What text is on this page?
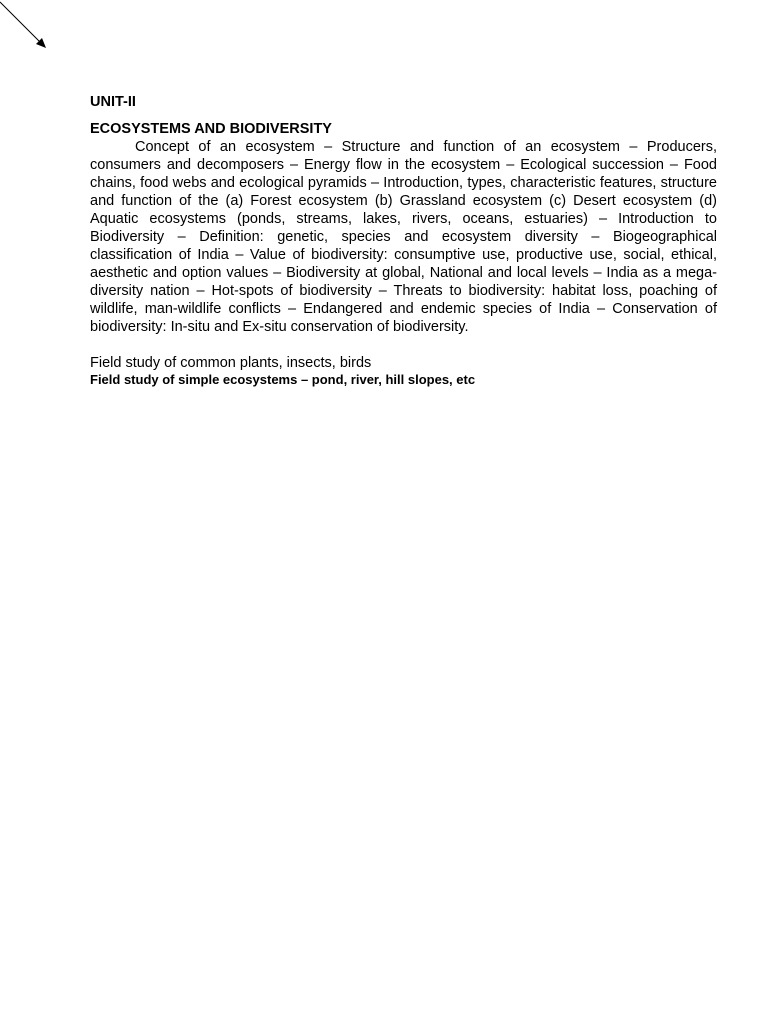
UNIT-II

ECOSYSTEMS AND BIODIVERSITY

Concept of an ecosystem – Structure and function of an ecosystem – Producers, consumers and decomposers – Energy flow in the ecosystem – Ecological succession – Food chains, food webs and ecological pyramids – Introduction, types, characteristic features, structure and function of the (a) Forest ecosystem (b) Grassland ecosystem (c) Desert ecosystem (d) Aquatic ecosystems (ponds, streams, lakes, rivers, oceans, estuaries) – Introduction to Biodiversity – Definition: genetic, species and ecosystem diversity – Biogeographical classification of India – Value of biodiversity: consumptive use, productive use, social, ethical, aesthetic and option values – Biodiversity at global, National and local levels – India as a mega-diversity nation – Hot-spots of biodiversity – Threats to biodiversity: habitat loss, poaching of wildlife, man-wildlife conflicts – Endangered and endemic species of India – Conservation of biodiversity: In-situ and Ex-situ conservation of biodiversity.

Field study of common plants, insects, birds

Field study of simple ecosystems – pond, river, hill slopes, etc
